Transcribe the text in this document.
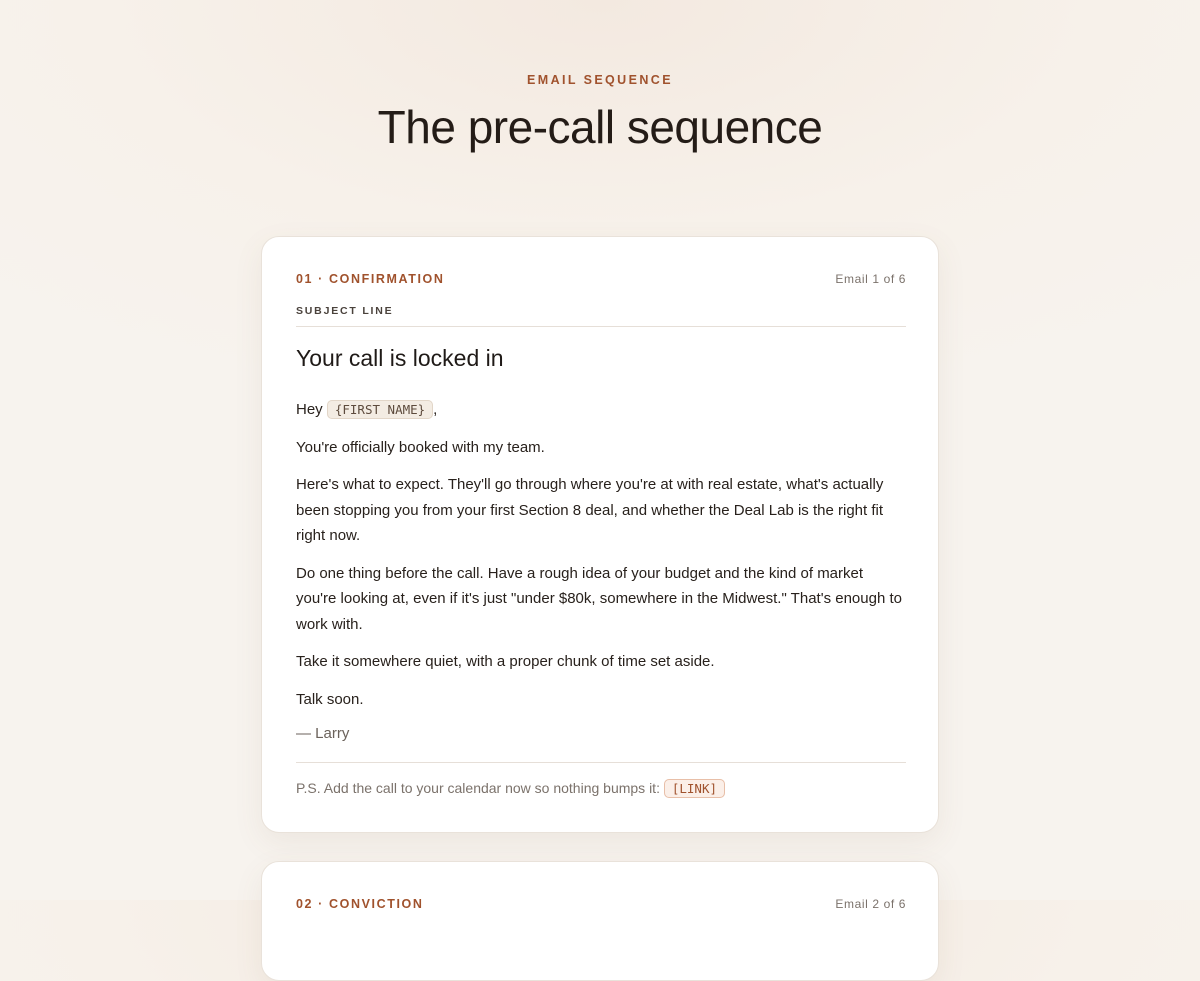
EMAIL SEQUENCE
The pre-call sequence
01 · CONFIRMATION	Email 1 of 6
SUBJECT LINE
Your call is locked in

Hey {FIRST NAME} ,

You're officially booked with my team.

Here's what to expect. They'll go through where you're at with real estate, what's actually been stopping you from your first Section 8 deal, and whether the Deal Lab is the right fit right now.

Do one thing before the call. Have a rough idea of your budget and the kind of market you're looking at, even if it's just "under $80k, somewhere in the Midwest." That's enough to work with.

Take it somewhere quiet, with a proper chunk of time set aside.

Talk soon.

— Larry
P.S. Add the call to your calendar now so nothing bumps it: [LINK]
02 · CONVICTION	Email 2 of 6
